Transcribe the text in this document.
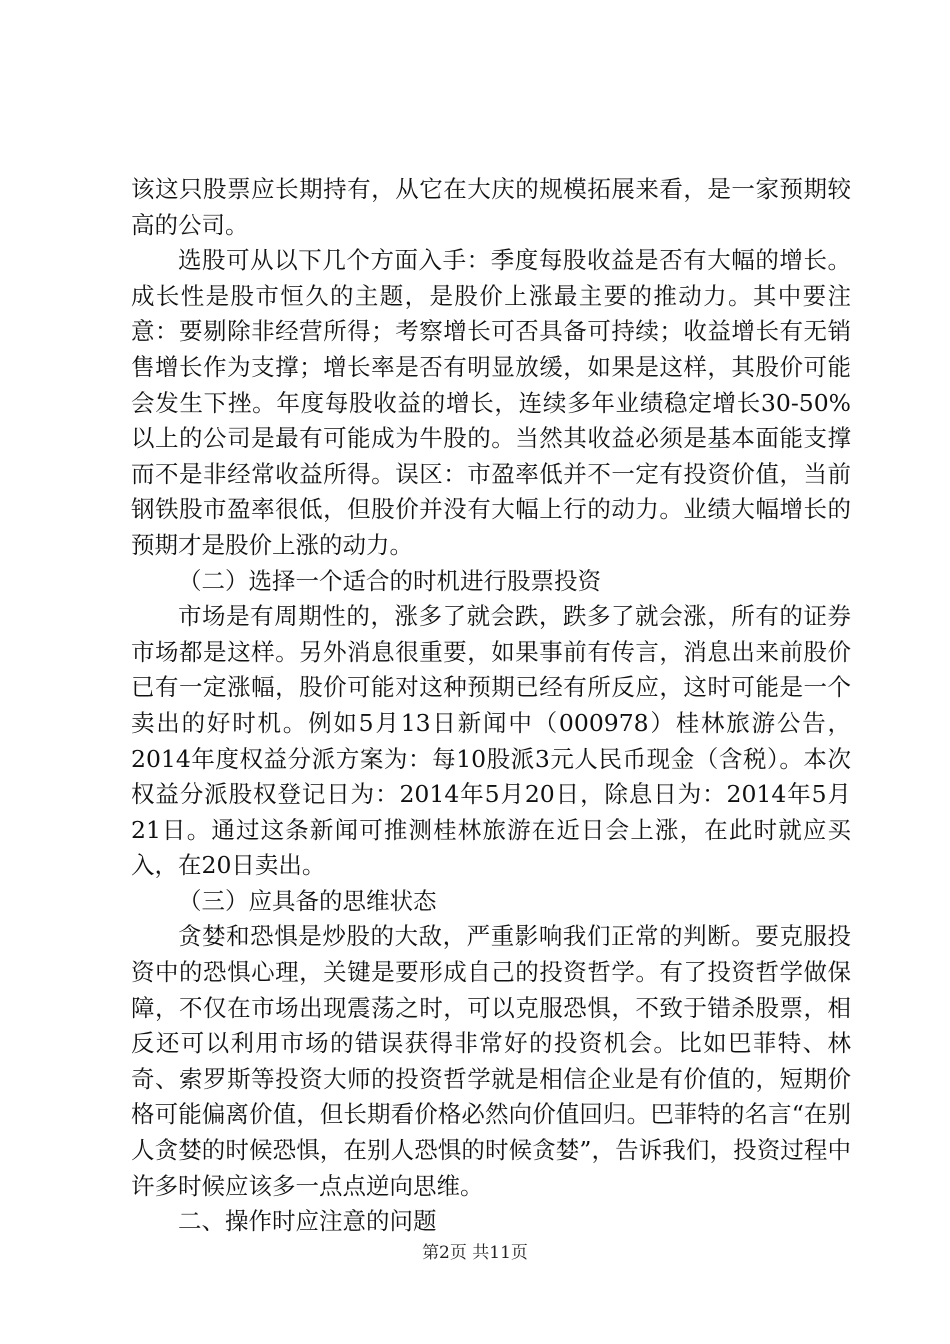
该这只股票应长期持有，从它在大庆的规模拓展来看，是一家预期较高的公司。

选股可从以下几个方面入手：季度每股收益是否有大幅的增长。成长性是股市恒久的主题，是股价上涨最主要的推动力。其中要注意：要剔除非经营所得；考察增长可否具备可持续；收益增长有无销售增长作为支撑；增长率是否有明显放缓，如果是这样，其股价可能会发生下挫。年度每股收益的增长，连续多年业绩稳定增长30-50%以上的公司是最有可能成为牛股的。当然其收益必须是基本面能支撑而不是非经常收益所得。误区：市盈率低并不一定有投资价值，当前钢铁股市盈率很低，但股价并没有大幅上行的动力。业绩大幅增长的预期才是股价上涨的动力。

（二）选择一个适合的时机进行股票投资

市场是有周期性的，涨多了就会跌，跌多了就会涨，所有的证券市场都是这样。另外消息很重要，如果事前有传言，消息出来前股价已有一定涨幅，股价可能对这种预期已经有所反应，这时可能是一个卖出的好时机。例如5月13日新闻中（000978）桂林旅游公告，2014年度权益分派方案为：每10股派3元人民币现金（含税）。本次权益分派股权登记日为：2014年5月20日，除息日为：2014年5月21日。通过这条新闻可推测桂林旅游在近日会上涨，在此时就应买入，在20日卖出。

（三）应具备的思维状态

贪婪和恐惧是炒股的大敌，严重影响我们正常的判断。要克服投资中的恐惧心理，关键是要形成自己的投资哲学。有了投资哲学做保障，不仅在市场出现震荡之时，可以克服恐惧，不致于错杀股票，相反还可以利用市场的错误获得非常好的投资机会。比如巴菲特、林奇、索罗斯等投资大师的投资哲学就是相信企业是有价值的，短期价格可能偏离价值，但长期看价格必然向价值回归。巴菲特的名言“在别人贪婪的时候恐惧，在别人恐惧的时候贪婪”，告诉我们，投资过程中许多时候应该多一点点逆向思维。

二、操作时应注意的问题

第2页 共11页
